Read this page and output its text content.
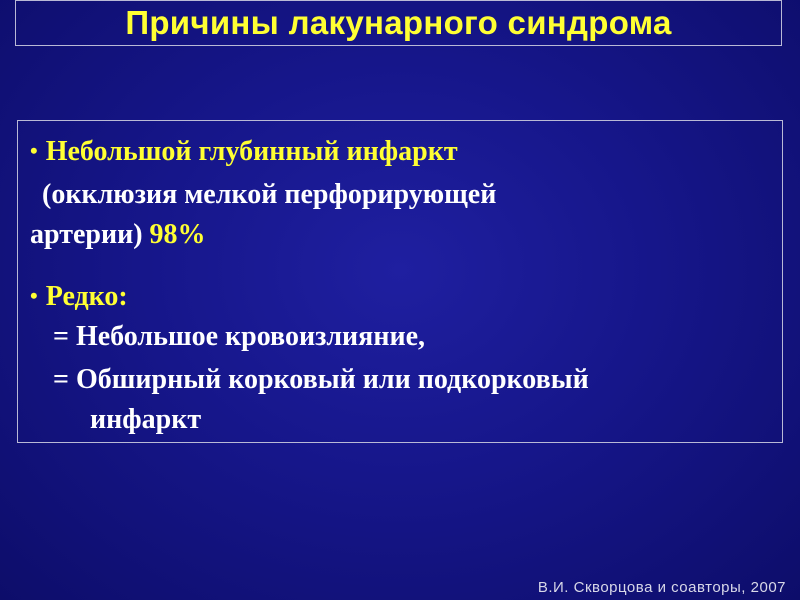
Причины лакунарного синдрома
• Небольшой глубинный инфаркт
(окклюзия мелкой перфорирующей
артерии) 98%
• Редко:
= Небольшое кровоизлияние,
= Обширный корковый или подкорковый
инфаркт
В.И. Скворцова и соавторы, 2007
